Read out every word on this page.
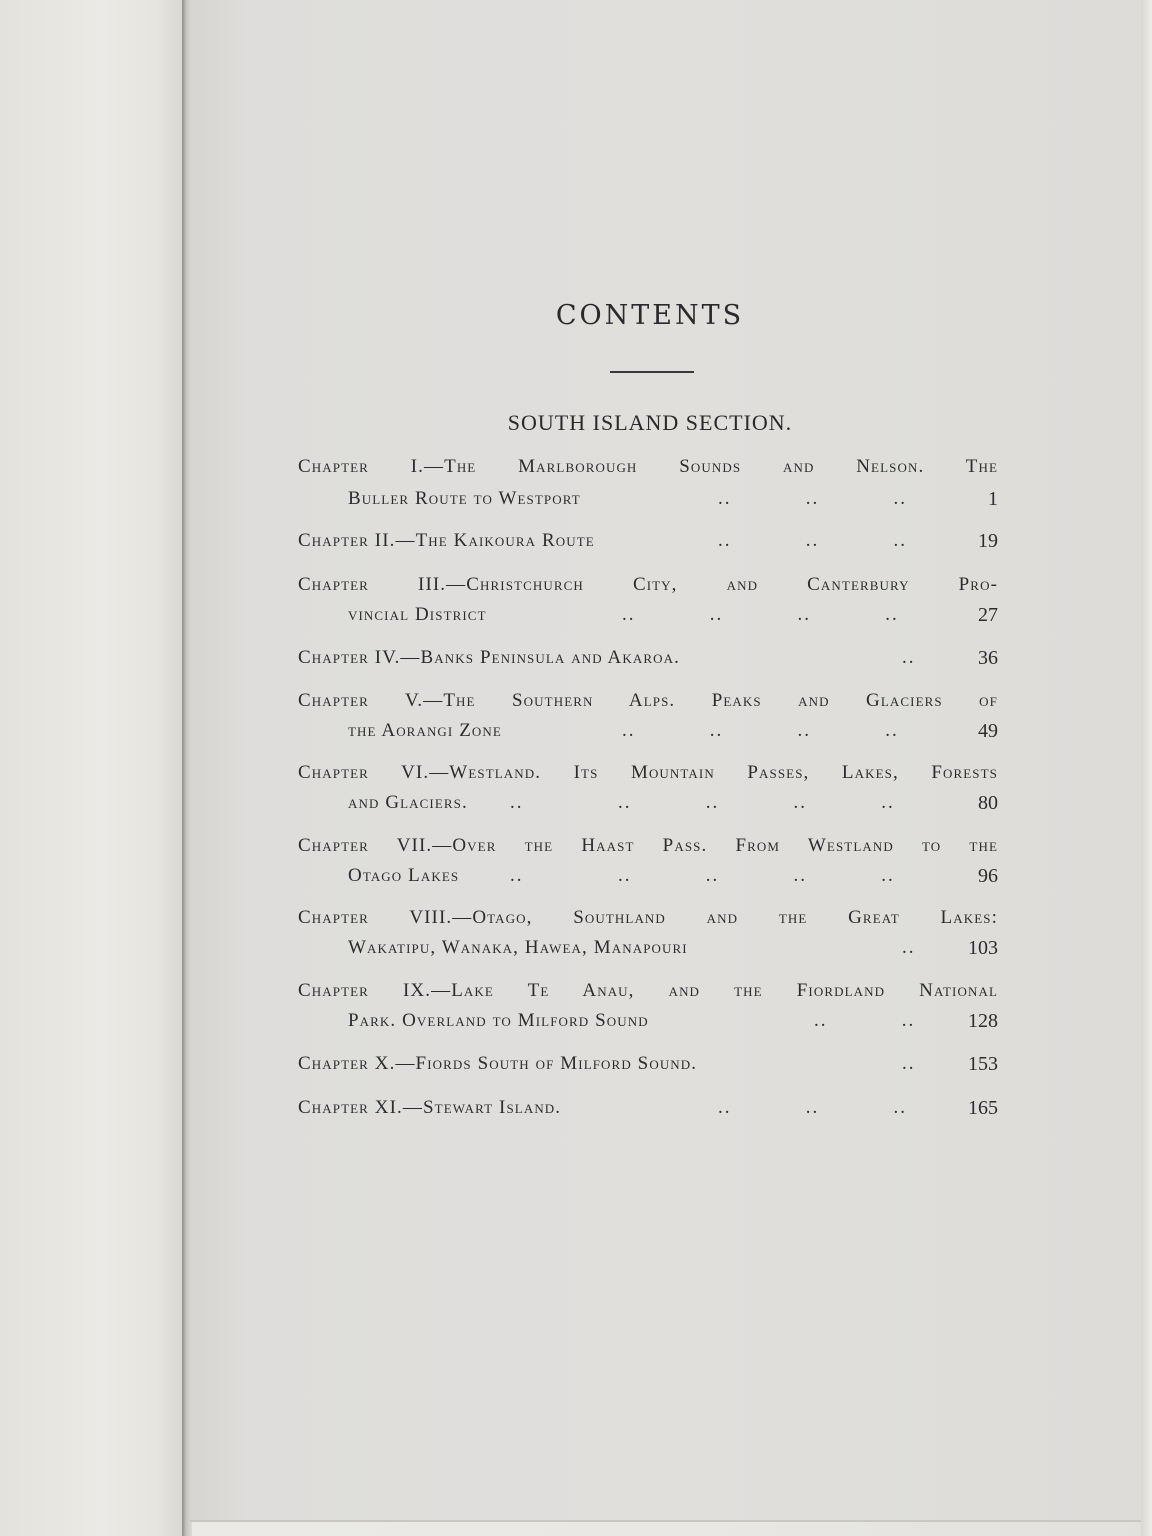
CONTENTS
SOUTH ISLAND SECTION.
Chapter I.—The Marlborough Sounds and Nelson. The
Buller Route to Westport	..           ..           ..	1
Chapter II.—The Kaikoura Route	..           ..           ..	19
Chapter III.—Christchurch City, and Canterbury Pro-
vincial District	..           ..           ..           ..	27
Chapter IV.—Banks Peninsula and Akaroa.	..	36
Chapter V.—The Southern Alps. Peaks and Glaciers of
the Aorangi Zone	..           ..           ..           ..	49
Chapter VI.—Westland. Its Mountain Passes, Lakes, Forests
and Glaciers.	..              ..           ..           ..           ..	80
Chapter VII.—Over the Haast Pass. From Westland to the
Otago Lakes	..              ..           ..           ..           ..	96
Chapter VIII.—Otago, Southland and the Great Lakes:
Wakatipu, Wanaka, Hawea, Manapouri	..	103
Chapter IX.—Lake Te Anau, and the Fiordland National
Park. Overland to Milford Sound	..           ..	128
Chapter X.—Fiords South of Milford Sound.	..	153
Chapter XI.—Stewart Island.	..           ..           ..	165
